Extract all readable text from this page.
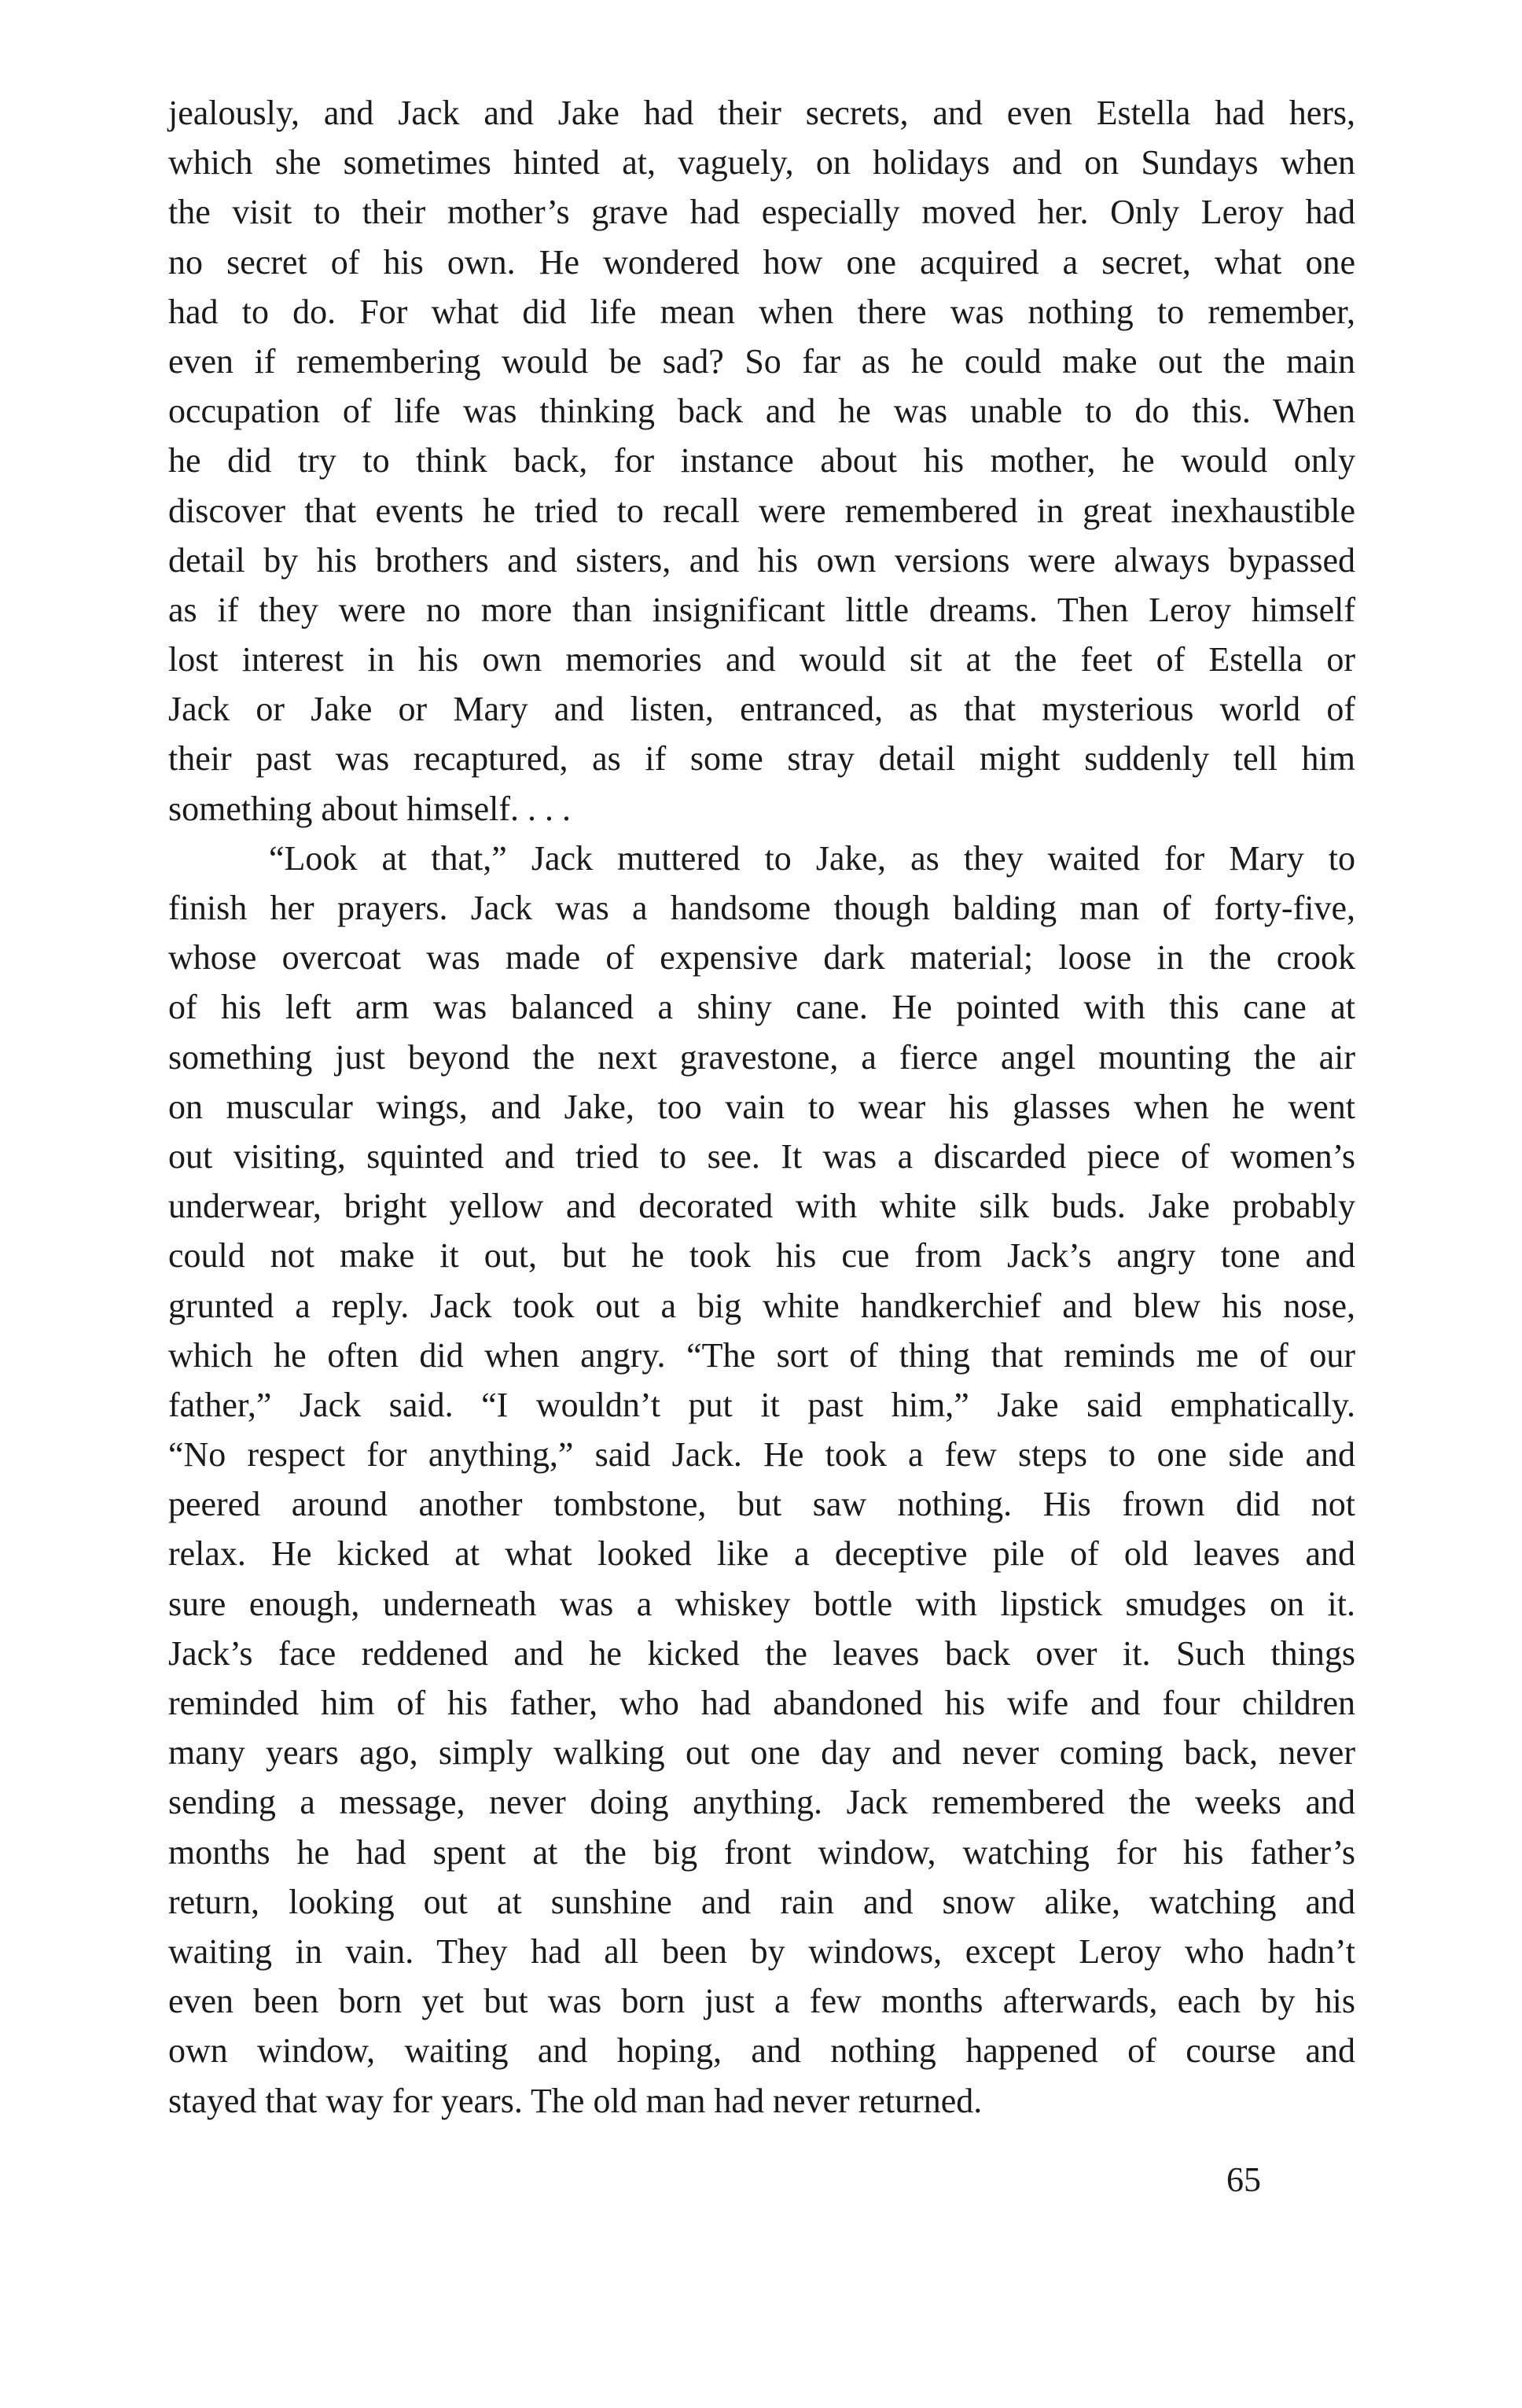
jealously, and Jack and Jake had their secrets, and even Estella had hers,
which she sometimes hinted at, vaguely, on holidays and on Sundays when
the visit to their mother’s grave had especially moved her. Only Leroy had
no secret of his own. He wondered how one acquired a secret, what one
had to do. For what did life mean when there was nothing to remember,
even if remembering would be sad? So far as he could make out the main
occupation of life was thinking back and he was unable to do this. When
he did try to think back, for instance about his mother, he would only
discover that events he tried to recall were remembered in great inexhaustible
detail by his brothers and sisters, and his own versions were always bypassed
as if they were no more than insignificant little dreams. Then Leroy himself
lost interest in his own memories and would sit at the feet of Estella or
Jack or Jake or Mary and listen, entranced, as that mysterious world of
their past was recaptured, as if some stray detail might suddenly tell him
something about himself. . . .
“Look at that,” Jack muttered to Jake, as they waited for Mary to
finish her prayers. Jack was a handsome though balding man of forty-five,
whose overcoat was made of expensive dark material; loose in the crook
of his left arm was balanced a shiny cane. He pointed with this cane at
something just beyond the next gravestone, a fierce angel mounting the air
on muscular wings, and Jake, too vain to wear his glasses when he went
out visiting, squinted and tried to see. It was a discarded piece of women’s
underwear, bright yellow and decorated with white silk buds. Jake probably
could not make it out, but he took his cue from Jack’s angry tone and
grunted a reply. Jack took out a big white handkerchief and blew his nose,
which he often did when angry. “The sort of thing that reminds me of our
father,” Jack said. “I wouldn’t put it past him,” Jake said emphatically.
“No respect for anything,” said Jack. He took a few steps to one side and
peered around another tombstone, but saw nothing. His frown did not
relax. He kicked at what looked like a deceptive pile of old leaves and
sure enough, underneath was a whiskey bottle with lipstick smudges on it.
Jack’s face reddened and he kicked the leaves back over it. Such things
reminded him of his father, who had abandoned his wife and four children
many years ago, simply walking out one day and never coming back, never
sending a message, never doing anything. Jack remembered the weeks and
months he had spent at the big front window, watching for his father’s
return, looking out at sunshine and rain and snow alike, watching and
waiting in vain. They had all been by windows, except Leroy who hadn’t
even been born yet but was born just a few months afterwards, each by his
own window, waiting and hoping, and nothing happened of course and
stayed that way for years. The old man had never returned.
65
